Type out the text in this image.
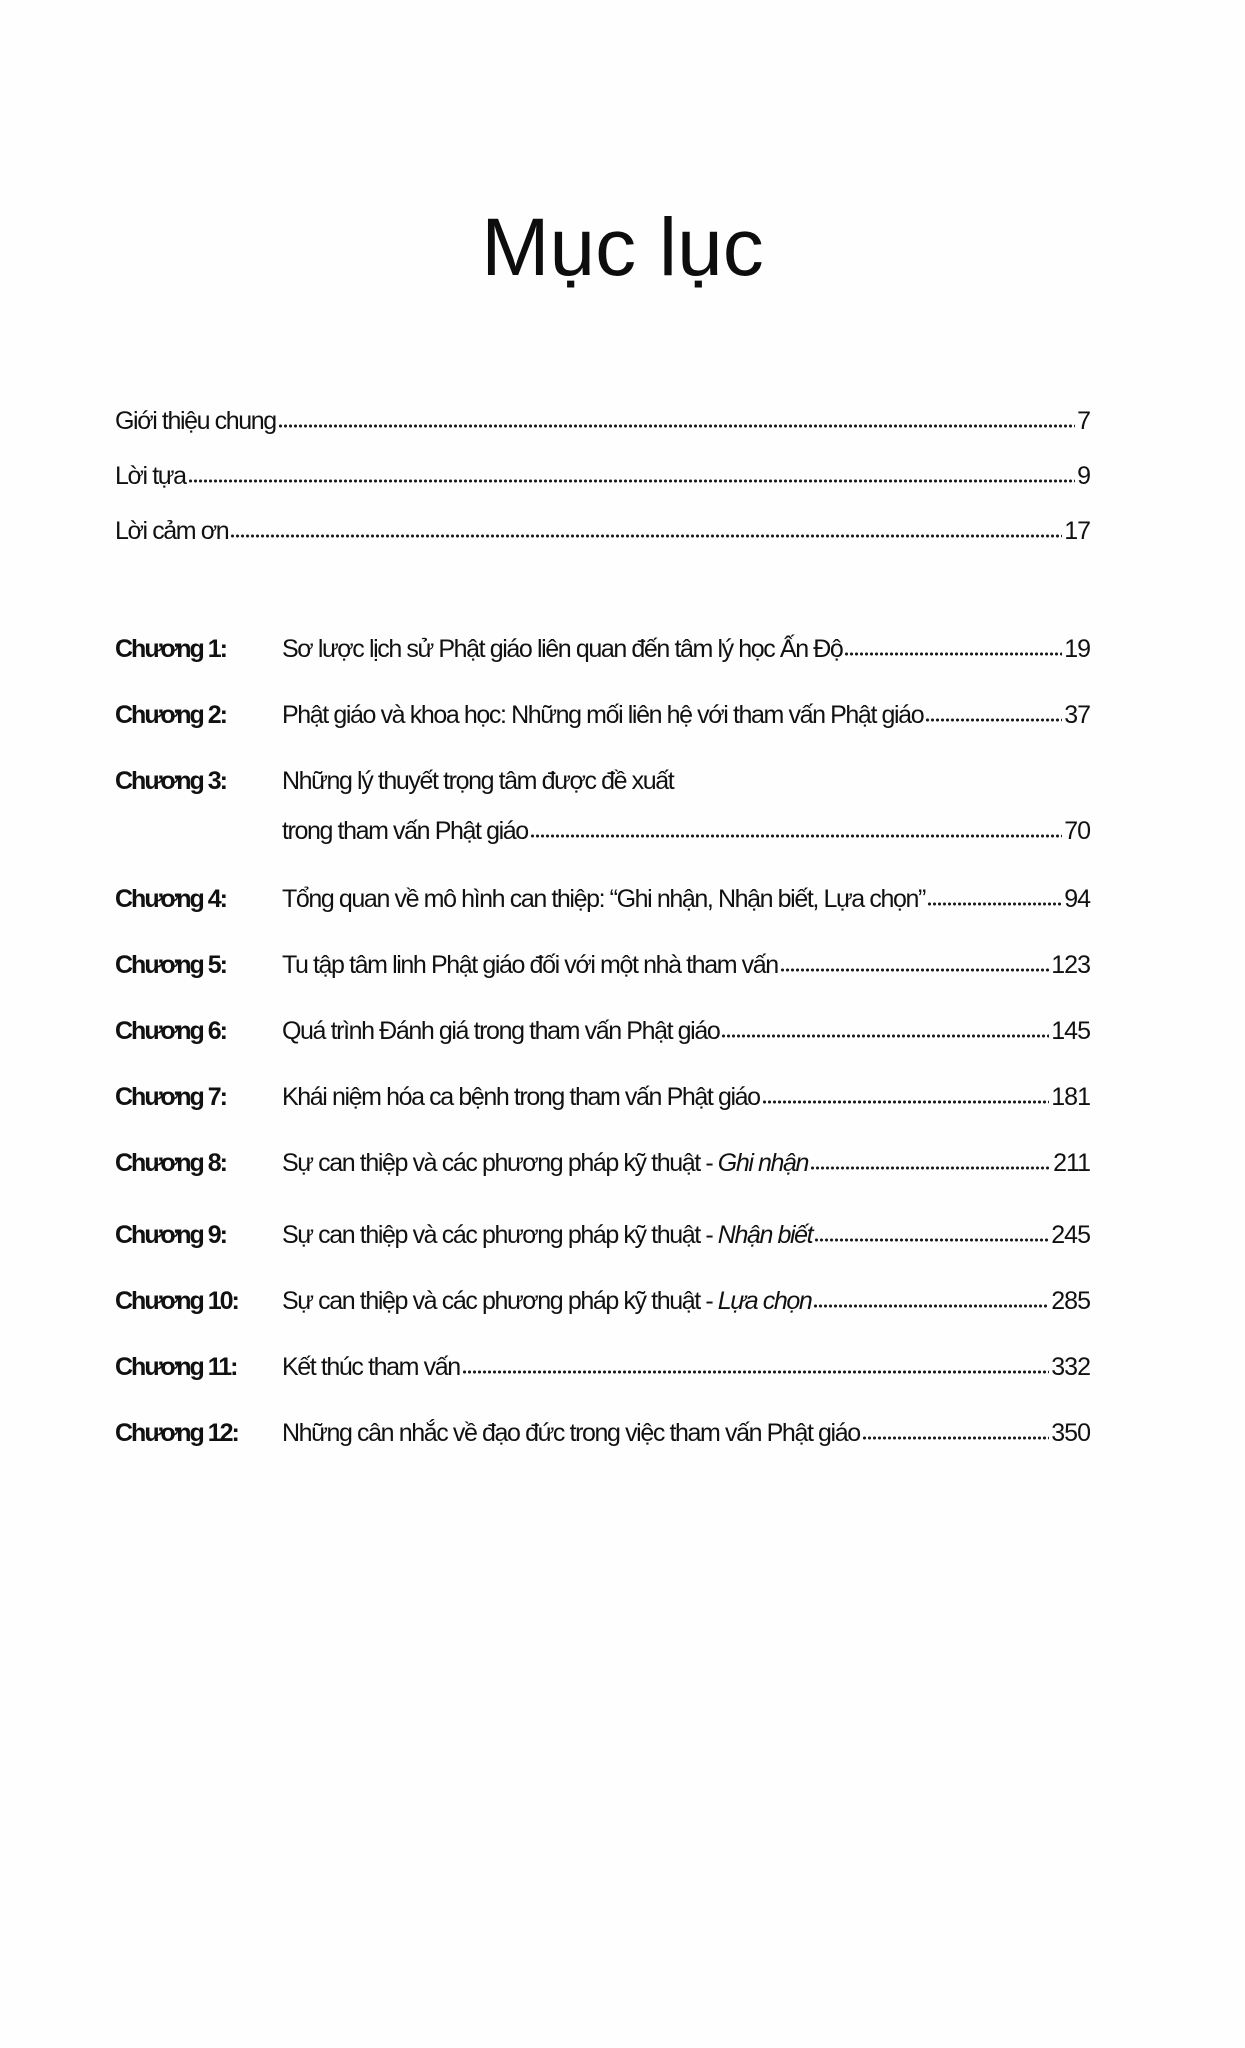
Mục lục
Giới thiệu chung	7
Lời tựa	9
Lời cảm ơn	17
Chương 1:	Sơ lược lịch sử Phật giáo liên quan đến tâm lý học Ấn Độ	19
Chương 2:	Phật giáo và khoa học: Những mối liên hệ với tham vấn Phật giáo	37
Chương 3:	Những lý thuyết trọng tâm được đề xuất
trong tham vấn Phật giáo	70
Chương 4:	Tổng quan về mô hình can thiệp: “Ghi nhận, Nhận biết, Lựa chọn”	94
Chương 5:	Tu tập tâm linh Phật giáo đối với một nhà tham vấn	123
Chương 6:	Quá trình Đánh giá trong tham vấn Phật giáo	145
Chương 7:	Khái niệm hóa ca bệnh trong tham vấn Phật giáo	181
Chương 8:	Sự can thiệp và các phương pháp kỹ thuật - Ghi nhận	211
Chương 9:	Sự can thiệp và các phương pháp kỹ thuật - Nhận biết	245
Chương 10:	Sự can thiệp và các phương pháp kỹ thuật - Lựa chọn	285
Chương 11:	Kết thúc tham vấn	332
Chương 12:	Những cân nhắc về đạo đức trong việc tham vấn Phật giáo	350
